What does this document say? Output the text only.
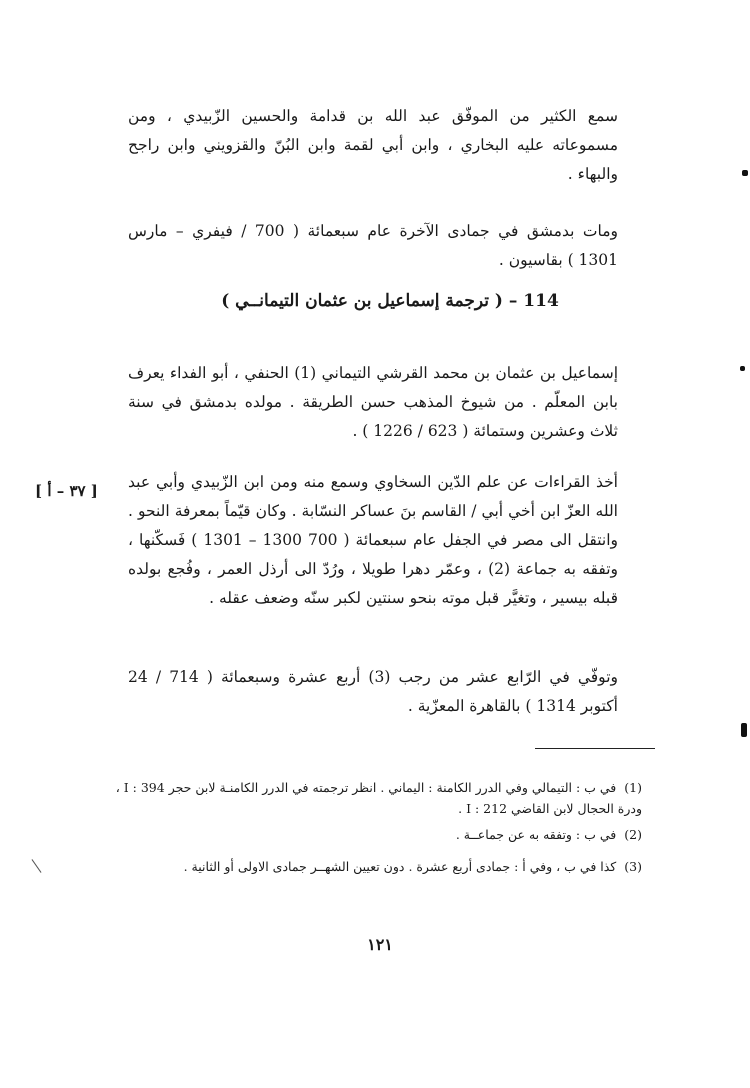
سمع الكثير من الموفّق عبد الله بن قدامة والحسين الزّبيدي ، ومن مسموعاته عليه البخاري ، وابن أبي لقمة وابن البُنّ والقزويني وابن راجح والبهاء .

ومات بدمشق في جمادى الآخرة عام سبعمائة ( 700 / فيفري – مارس 1301 ) بقاسيون .

114 – ( ترجمة إسماعيل بن عثمان التيمانــي )

إسماعيل بن عثمان بن محمد القرشي التيماني (1) الحنفي ، أبو الفداء يعرف بابن المعلّم . من شيوخ المذهب حسن الطريقة . مولده بدمشق في سنة ثلاث وعشرين وستمائة ( 623 / 1226 ) .

أخذ القراءات عن علم الدّين السخاوي وسمع منه ومن ابن الزّبيدي وأبي عبد الله العزّ ابن أخي أبي / القاسم بنَ عساكر النسّابة . وكان قيّماً بمعرفة النحو . وانتقل الى مصر في الجفل عام سبعمائة ( 700 1300 – 1301 ) فَسكّنها ، وتفقه به جماعة (2) ، وعمّر دهرا طويلا ، ورُدّ الى أرذل العمر ، وفُجع بولده قبله بيسير ، وتغيَّر قبل موته بنحو سنتين لكبر سنّه وضعف عقله .

وتوفّي في الرّابع عشر من رجب (3) أربع عشرة وسبعمائة ( 714 / 24 أكتوبر 1314 ) بالقاهرة المعزّية .

[ ٣٧ – أ ]
(1)في ب : التيمالي وفي الدرر الكامنة : اليماني . انظر ترجمته في الدرر الكامنـة لابن حجر I : 394 ، ودرة الحجال لابن القاضي I : 212 .
(2)في ب : وتفقه به عن جماعــة .
(3)كذا في ب ، وفي أ : جمادى أربع عشرة . دون تعيين الشهــر جمادى الاولى أو الثانية .
١٢١
